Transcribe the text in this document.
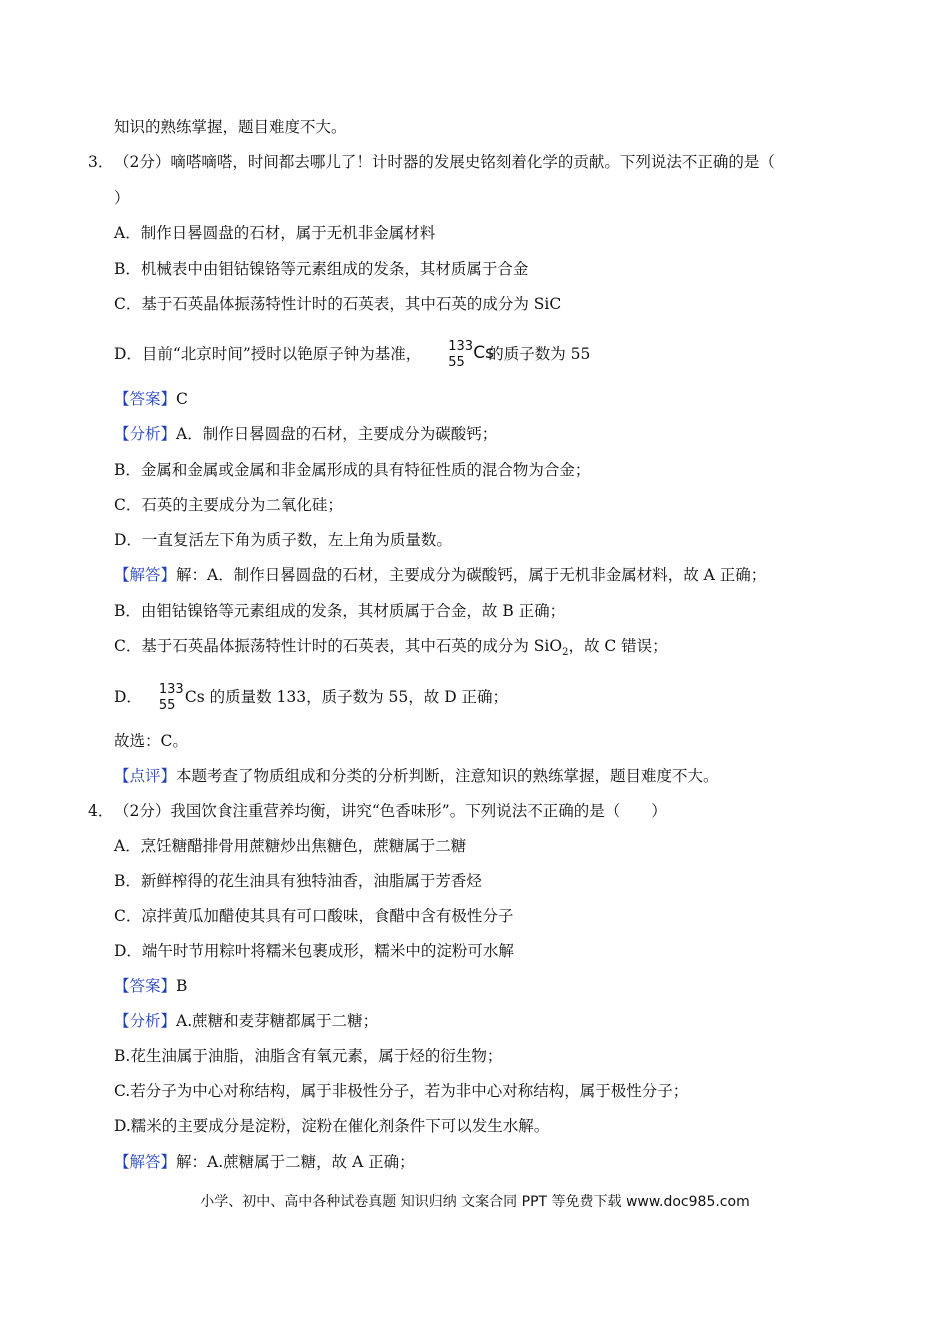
知识的熟练掌握，题目难度不大。
3． （2分）嘀嗒嘀嗒，时间都去哪儿了！计时器的发展史铭刻着化学的贡献。下列说法不正确的是（
）
A．制作日晷圆盘的石材，属于无机非金属材料
B．机械表中由钼钴镍铬等元素组成的发条，其材质属于合金
C．基于石英晶体振荡特性计时的石英表，其中石英的成分为 SiC
D．目前“北京时间”授时以铯原子钟为基准， 133
55 Cs
的质子数为 55
【答案】C
【分析】A．制作日晷圆盘的石材，主要成分为碳酸钙；
B．金属和金属或金属和非金属形成的具有特征性质的混合物为合金；
C．石英的主要成分为二氧化硅；
D．一直复活左下角为质子数，左上角为质量数。
【解答】解：A．制作日晷圆盘的石材，主要成分为碳酸钙，属于无机非金属材料，故 A 正确；
B．由钼钴镍铬等元素组成的发条，其材质属于合金，故 B 正确；
C．基于石英晶体振荡特性计时的石英表，其中石英的成分为 SiO$_2$，故 C 错误；
D． 133
55 Cs 的质量数 133，质子数为 55，故 D 正确；
故选：C。
【点评】本题考查了物质组成和分类的分析判断，注意知识的熟练掌握，题目难度不大。
4． （2分）我国饮食注重营养均衡，讲究“色香味形”。下列说法不正确的是（　　）
A．烹饪糖醋排骨用蔗糖炒出焦糖色，蔗糖属于二糖
B．新鲜榨得的花生油具有独特油香，油脂属于芳香烃
C．凉拌黄瓜加醋使其具有可口酸味，食醋中含有极性分子
D．端午时节用粽叶将糯米包裹成形，糯米中的淀粉可水解
【答案】B
【分析】A.蔗糖和麦芽糖都属于二糖；
B.花生油属于油脂，油脂含有氧元素，属于烃的衍生物；
C.若分子为中心对称结构，属于非极性分子，若为非中心对称结构，属于极性分子；
D.糯米的主要成分是淀粉，淀粉在催化剂条件下可以发生水解。
【解答】解：A.蔗糖属于二糖，故 A 正确；
小学、初中、高中各种试卷真题 知识归纳 文案合同 PPT 等免费下载 www.doc985.com
